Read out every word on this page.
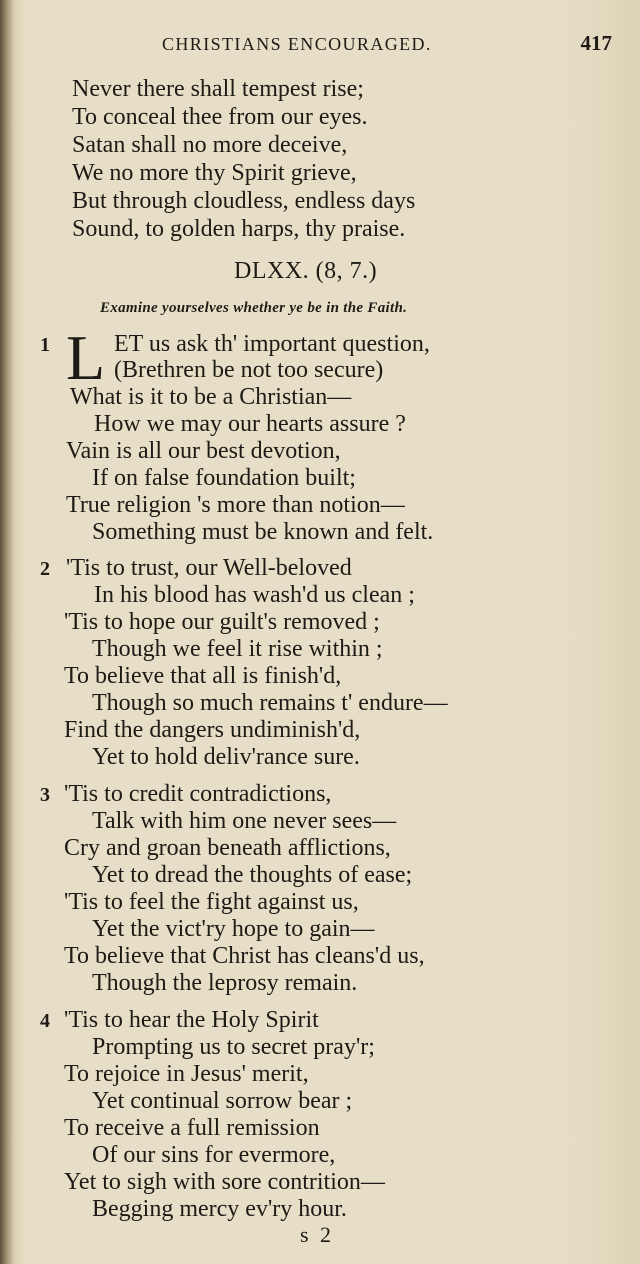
CHRISTIANS ENCOURAGED.	417
Never there shall tempest rise;
To conceal thee from our eyes.
Satan shall no more deceive,
We no more thy Spirit grieve,
But through cloudless, endless days
Sound, to golden harps, thy praise.
DLXX. (8, 7.)
Examine yourselves whether ye be in the Faith.
1 L ET us ask th' important question,
(Brethren be not too secure)
What is it to be a Christian—
How we may our hearts assure ?
Vain is all our best devotion,
If on false foundation built;
True religion 's more than notion—
Something must be known and felt.
2 'Tis to trust, our Well-beloved
In his blood has wash'd us clean ;
'Tis to hope our guilt's removed ;
Though we feel it rise within ;
To believe that all is finish'd,
Though so much remains t' endure—
Find the dangers undiminish'd,
Yet to hold deliv'rance sure.
3 'Tis to credit contradictions,
Talk with him one never sees—
Cry and groan beneath afflictions,
Yet to dread the thoughts of ease;
'Tis to feel the fight against us,
Yet the vict'ry hope to gain—
To believe that Christ has cleans'd us,
Though the leprosy remain.
4 'Tis to hear the Holy Spirit
Prompting us to secret pray'r;
To rejoice in Jesus' merit,
Yet continual sorrow bear ;
To receive a full remission
Of our sins for evermore,
Yet to sigh with sore contrition—
Begging mercy ev'ry hour.
s 2
